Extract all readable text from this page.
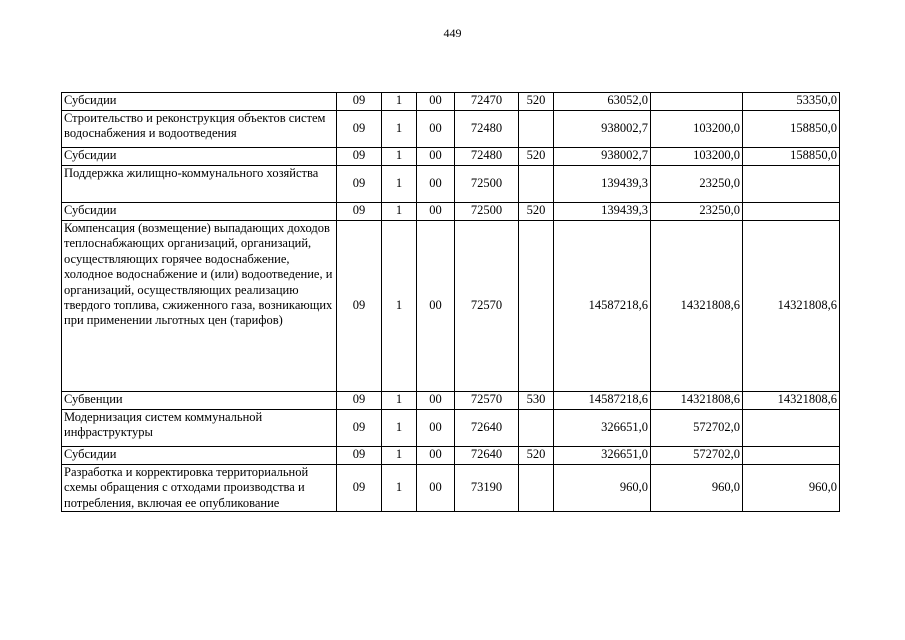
449
Субсидии	09	1	00	72470	520	63052,0		53350,0
Строительство и реконструкция объектов систем водоснабжения и водоотведения	09	1	00	72480		938002,7	103200,0	158850,0
Субсидии	09	1	00	72480	520	938002,7	103200,0	158850,0
Поддержка жилищно-коммунального хозяйства	09	1	00	72500		139439,3	23250,0	
Субсидии	09	1	00	72500	520	139439,3	23250,0	
Компенсация (возмещение) выпадающих доходов теплоснабжающих организаций, организаций, осуществляющих горячее водоснабжение, холодное водоснабжение и (или) водоотведение, и организаций, осуществляющих реализацию твердого топлива, сжиженного газа, возникающих при применении льготных цен (тарифов)	09	1	00	72570		14587218,6	14321808,6	14321808,6
Субвенции	09	1	00	72570	530	14587218,6	14321808,6	14321808,6
Модернизация систем коммунальной инфраструктуры	09	1	00	72640		326651,0	572702,0	
Субсидии	09	1	00	72640	520	326651,0	572702,0	
Разработка и корректировка территориальной схемы обращения с отходами производства и потребления, включая ее опубликование	09	1	00	73190		960,0	960,0	960,0
